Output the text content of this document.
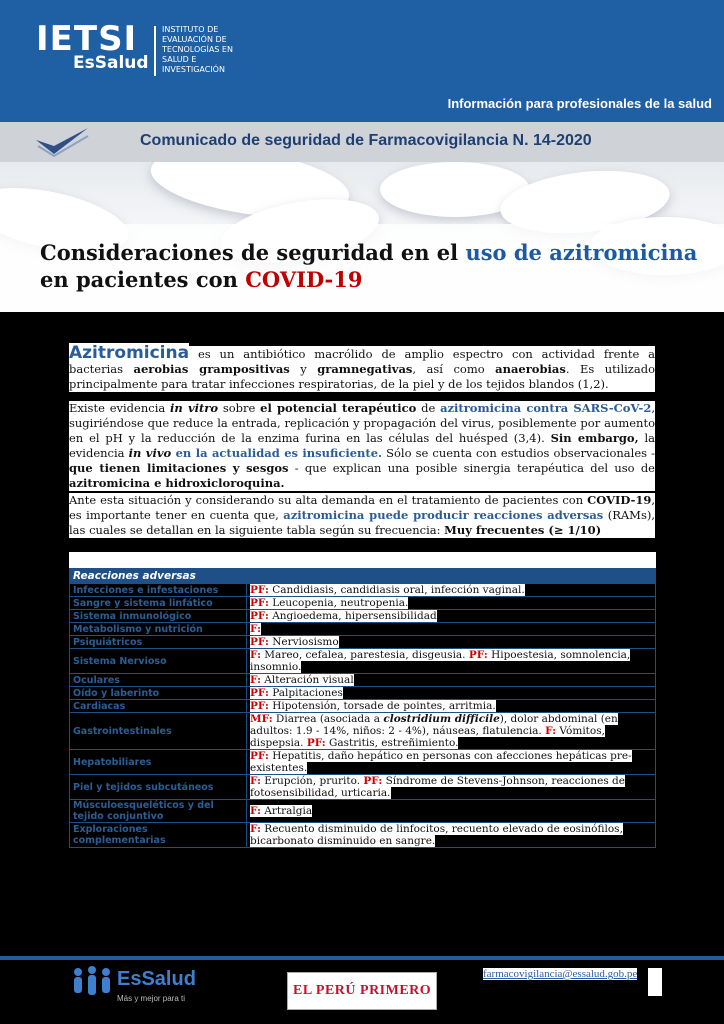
IETSI
EsSalud
INSTITUTO DE
EVALUACIÓN DE
TECNOLOGÍAS EN
SALUD E
INVESTIGACIÓN
Información para profesionales de la salud
Comunicado de seguridad de Farmacovigilancia N. 14-2020
Consideraciones de seguridad en el uso de azitromicina
en pacientes con COVID-19
Azitromicina es un antibiótico macrólido de amplio espectro con actividad frente a bacterias aerobias grampositivas y gramnegativas, así como anaerobias. Es utilizado principalmente para tratar infecciones respiratorias, de la piel y de los tejidos blandos (1,2).
Existe evidencia in vitro sobre el potencial terapéutico de azitromicina contra SARS-CoV-2, sugiriéndose que reduce la entrada, replicación y propagación del virus, posiblemente por aumento en el pH y la reducción de la enzima furina en las células del huésped (3,4). Sin embargo, la evidencia in vivo en la actualidad es insuficiente. Sólo se cuenta con estudios observacionales - que tienen limitaciones y sesgos - que explican una posible sinergia terapéutica del uso de azitromicina e hidroxicloroquina.
Ante esta situación y considerando su alta demanda en el tratamiento de pacientes con COVID-19, es importante tener en cuenta que, azitromicina puede producir reacciones adversas (RAMs), las cuales se detallan en la siguiente tabla según su frecuencia: Muy frecuentes (≥ 1/10)
Reacciones adversas	
Infecciones e infestaciones	PF: Candidiasis, candidiasis oral, infección vaginal.
Sangre y sistema linfático	PF: Leucopenia, neutropenia.
Sistema inmunológico	PF: Angioedema, hipersensibilidad
Metabolismo y nutrición	F:
Psiquiátricos	PF: Nerviosismo
Sistema Nervioso	F: Mareo, cefalea, parestesia, disgeusia. PF: Hipoestesia, somnolencia, insomnio.
Oculares	F: Alteración visual
Oído y laberinto	PF: Palpitaciones
Cardiacas	PF: Hipotensión, torsade de pointes, arritmia.
Gastrointestinales	MF: Diarrea (asociada a clostridium difficile), dolor abdominal (en adultos: 1.9 - 14%, niños: 2 - 4%), náuseas, flatulencia. F: Vómitos, dispepsia. PF: Gastritis, estreñimiento.
Hepatobiliares	PF: Hepatitis, daño hepático en personas con afecciones hepáticas pre-existentes.
Piel y tejidos subcutáneos	F: Erupción, prurito. PF: Síndrome de Stevens-Johnson, reacciones de fotosensibilidad, urticaria.
Músculoesqueléticos y del tejido conjuntivo	F: Artralgia
Exploraciones complementarias	F: Recuento disminuido de linfocitos, recuento elevado de eosinófilos, bicarbonato disminuido en sangre.
EsSalud
Más y mejor para ti
EL PERÚ PRIMERO
farmacovigilancia@essalud.gob.pe
